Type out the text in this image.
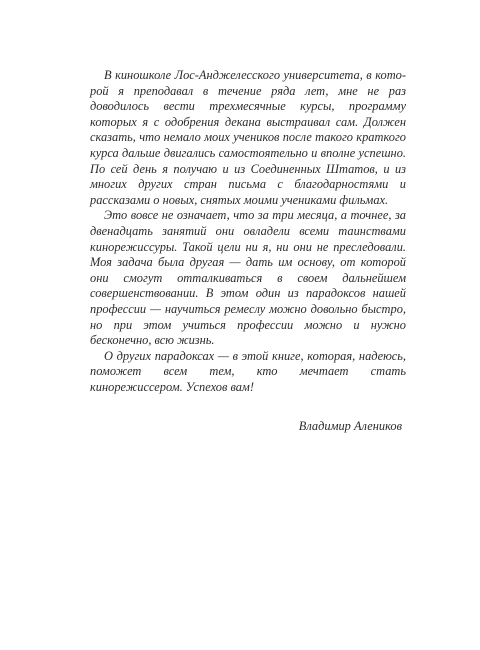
В киношколе Лос-Анджелесского университета, в которой я преподавал в течение ряда лет, мне не раз доводилось вести трехмесячные курсы, программу которых я с одобрения декана выстраивал сам. Должен сказать, что немало моих учеников после такого краткого курса дальше двигались самостоятельно и вполне успешно. По сей день я получаю и из Соединенных Штатов, и из многих других стран письма с благодарностями и рассказами о новых, снятых моими учениками фильмах.

Это вовсе не означает, что за три месяца, а точнее, за двенадцать занятий они овладели всеми таинствами кинорежиссуры. Такой цели ни я, ни они не преследовали. Моя задача была другая — дать им основу, от которой они смогут отталкиваться в своем дальнейшем совершенствовании. В этом один из парадоксов нашей профессии — научиться ремеслу можно довольно быстро, но при этом учиться профессии можно и нужно бесконечно, всю жизнь.

О других парадоксах — в этой книге, которая, надеюсь, поможет всем тем, кто мечтает стать кинорежиссером. Успехов вам!

Владимир Алеников
